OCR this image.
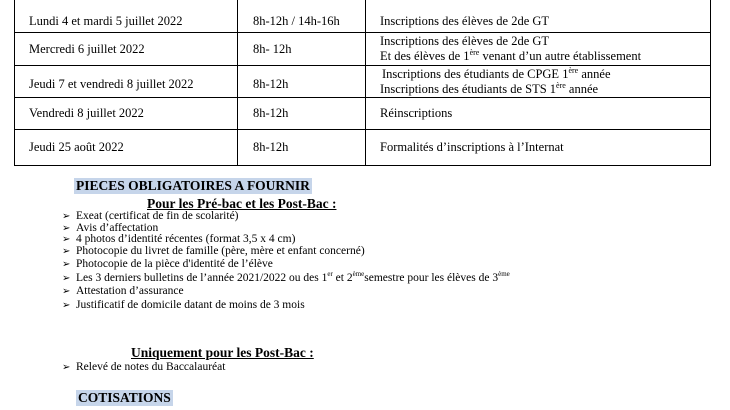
Lundi 4 et mardi 5 juillet 2022	8h-12h / 14h-16h	Inscriptions des élèves de 2de GT
Mercredi 6 juillet 2022	8h- 12h	Inscriptions des élèves de 2de GT
Et des élèves de 1ère venant d’un autre établissement
Jeudi 7 et vendredi 8 juillet 2022	8h-12h	Inscriptions des étudiants de CPGE 1ère année
Inscriptions des étudiants de STS 1ère année
Vendredi 8 juillet 2022	8h-12h	Réinscriptions
Jeudi 25 août 2022	8h-12h	Formalités d’inscriptions à l’Internat
PIECES OBLIGATOIRES A FOURNIR
Pour les Pré-bac et les Post-Bac :
➢ Exeat (certificat de fin de scolarité)
➢ Avis d’affectation
➢ 4 photos d’identité récentes (format 3,5 x 4 cm)
➢ Photocopie du livret de famille (père, mère et enfant concerné)
➢ Photocopie de la pièce d'identité de l’élève
➢ Les 3 derniers bulletins de l’année 2021/2022 ou des 1er et 2èmesemestre pour les élèves de 3ème
➢ Attestation d’assurance
➢ Justificatif de domicile datant de moins de 3 mois
Uniquement pour les Post-Bac :
➢ Relevé de notes du Baccalauréat
COTISATIONS
